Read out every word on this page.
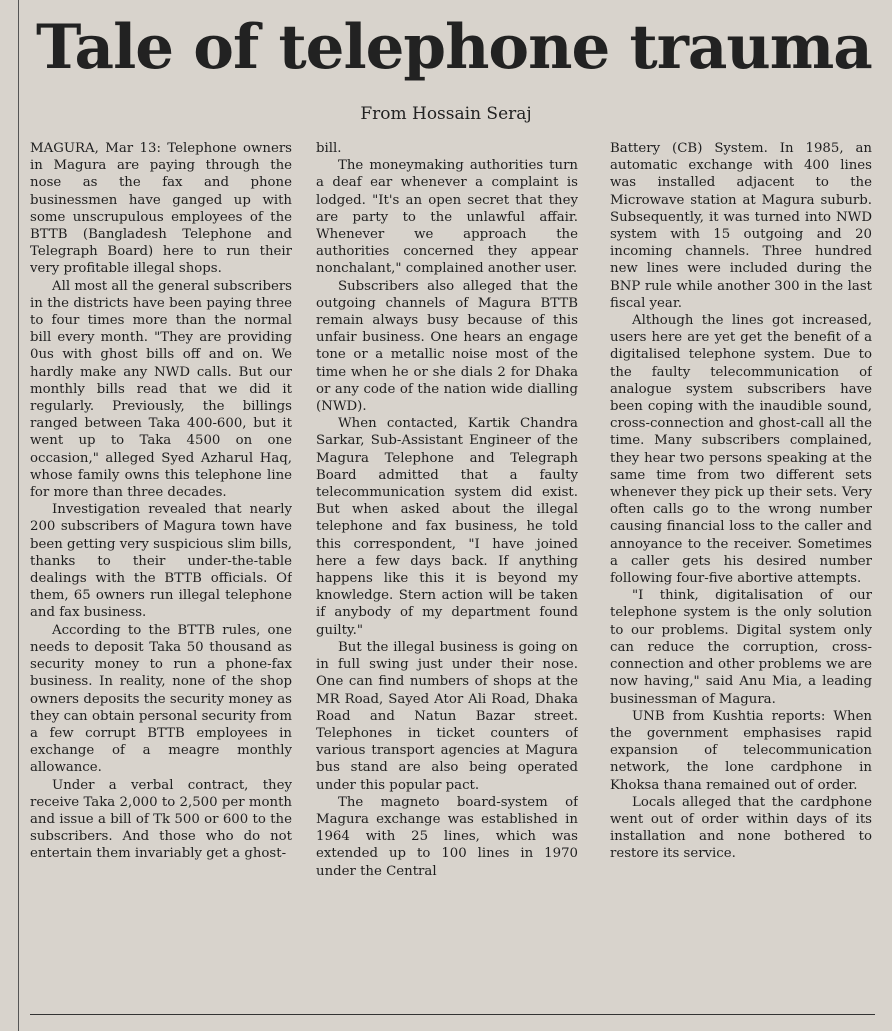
Tale of telephone trauma
From Hossain Seraj

MAGURA, Mar 13: Telephone owners in Magura are paying through the nose as the fax and phone businessmen have ganged up with some unscrupulous employees of the BTTB (Bangladesh Telephone and Telegraph Board) here to run their very profitable illegal shops.

All most all the general subscribers in the districts have been paying three to four times more than the normal bill every month. "They are providing 0us with ghost bills off and on. We hardly make any NWD calls. But our monthly bills read that we did it regularly. Previously, the billings ranged between Taka 400-600, but it went up to Taka 4500 on one occasion," alleged Syed Azharul Haq, whose family owns this telephone line for more than three decades.

Investigation revealed that nearly 200 subscribers of Magura town have been getting very suspicious slim bills, thanks to their under-the-table dealings with the BTTB officials. Of them, 65 owners run illegal telephone and fax business.

According to the BTTB rules, one needs to deposit Taka 50 thousand as security money to run a phone-fax business. In reality, none of the shop owners deposits the security money as they can obtain personal security from a few corrupt BTTB employees in exchange of a meagre monthly allowance.

Under a verbal contract, they receive Taka 2,000 to 2,500 per month and issue a bill of Tk 500 or 600 to the subscribers. And those who do not entertain them invariably get a ghost-

bill.

The moneymaking authorities turn a deaf ear whenever a complaint is lodged. "It's an open secret that they are party to the unlawful affair. Whenever we approach the authorities concerned they appear nonchalant," complained another user.

Subscribers also alleged that the outgoing channels of Magura BTTB remain always busy because of this unfair business. One hears an engage tone or a metallic noise most of the time when he or she dials 2 for Dhaka or any code of the nation wide dialling (NWD).

When contacted, Kartik Chandra Sarkar, Sub-Assistant Engineer of the Magura Telephone and Telegraph Board admitted that a faulty telecommunication system did exist. But when asked about the illegal telephone and fax business, he told this correspondent, "I have joined here a few days back. If anything happens like this it is beyond my knowledge. Stern action will be taken if anybody of my department found guilty."

But the illegal business is going on in full swing just under their nose. One can find numbers of shops at the MR Road, Sayed Ator Ali Road, Dhaka Road and Natun Bazar street. Telephones in ticket counters of various transport agencies at Magura bus stand are also being operated under this popular pact.

The magneto board-system of Magura exchange was established in 1964 with 25 lines, which was extended up to 100 lines in 1970 under the Central

Battery (CB) System. In 1985, an automatic exchange with 400 lines was installed adjacent to the Microwave station at Magura suburb. Subsequently, it was turned into NWD system with 15 outgoing and 20 incoming channels. Three hundred new lines were included during the BNP rule while another 300 in the last fiscal year.

Although the lines got increased, users here are yet get the benefit of a digitalised telephone system. Due to the faulty telecommunication of analogue system subscribers have been coping with the inaudible sound, cross-connection and ghost-call all the time. Many subscribers complained, they hear two persons speaking at the same time from two different sets whenever they pick up their sets. Very often calls go to the wrong number causing financial loss to the caller and annoyance to the receiver. Sometimes a caller gets his desired number following four-five abortive attempts.

"I think, digitalisation of our telephone system is the only solution to our problems. Digital system only can reduce the corruption, cross-connection and other problems we are now having," said Anu Mia, a leading businessman of Magura.

UNB from Kushtia reports: When the government emphasises rapid expansion of telecommunication network, the lone cardphone in Khoksa thana remained out of order.

Locals alleged that the cardphone went out of order within days of its installation and none bothered to restore its service.
